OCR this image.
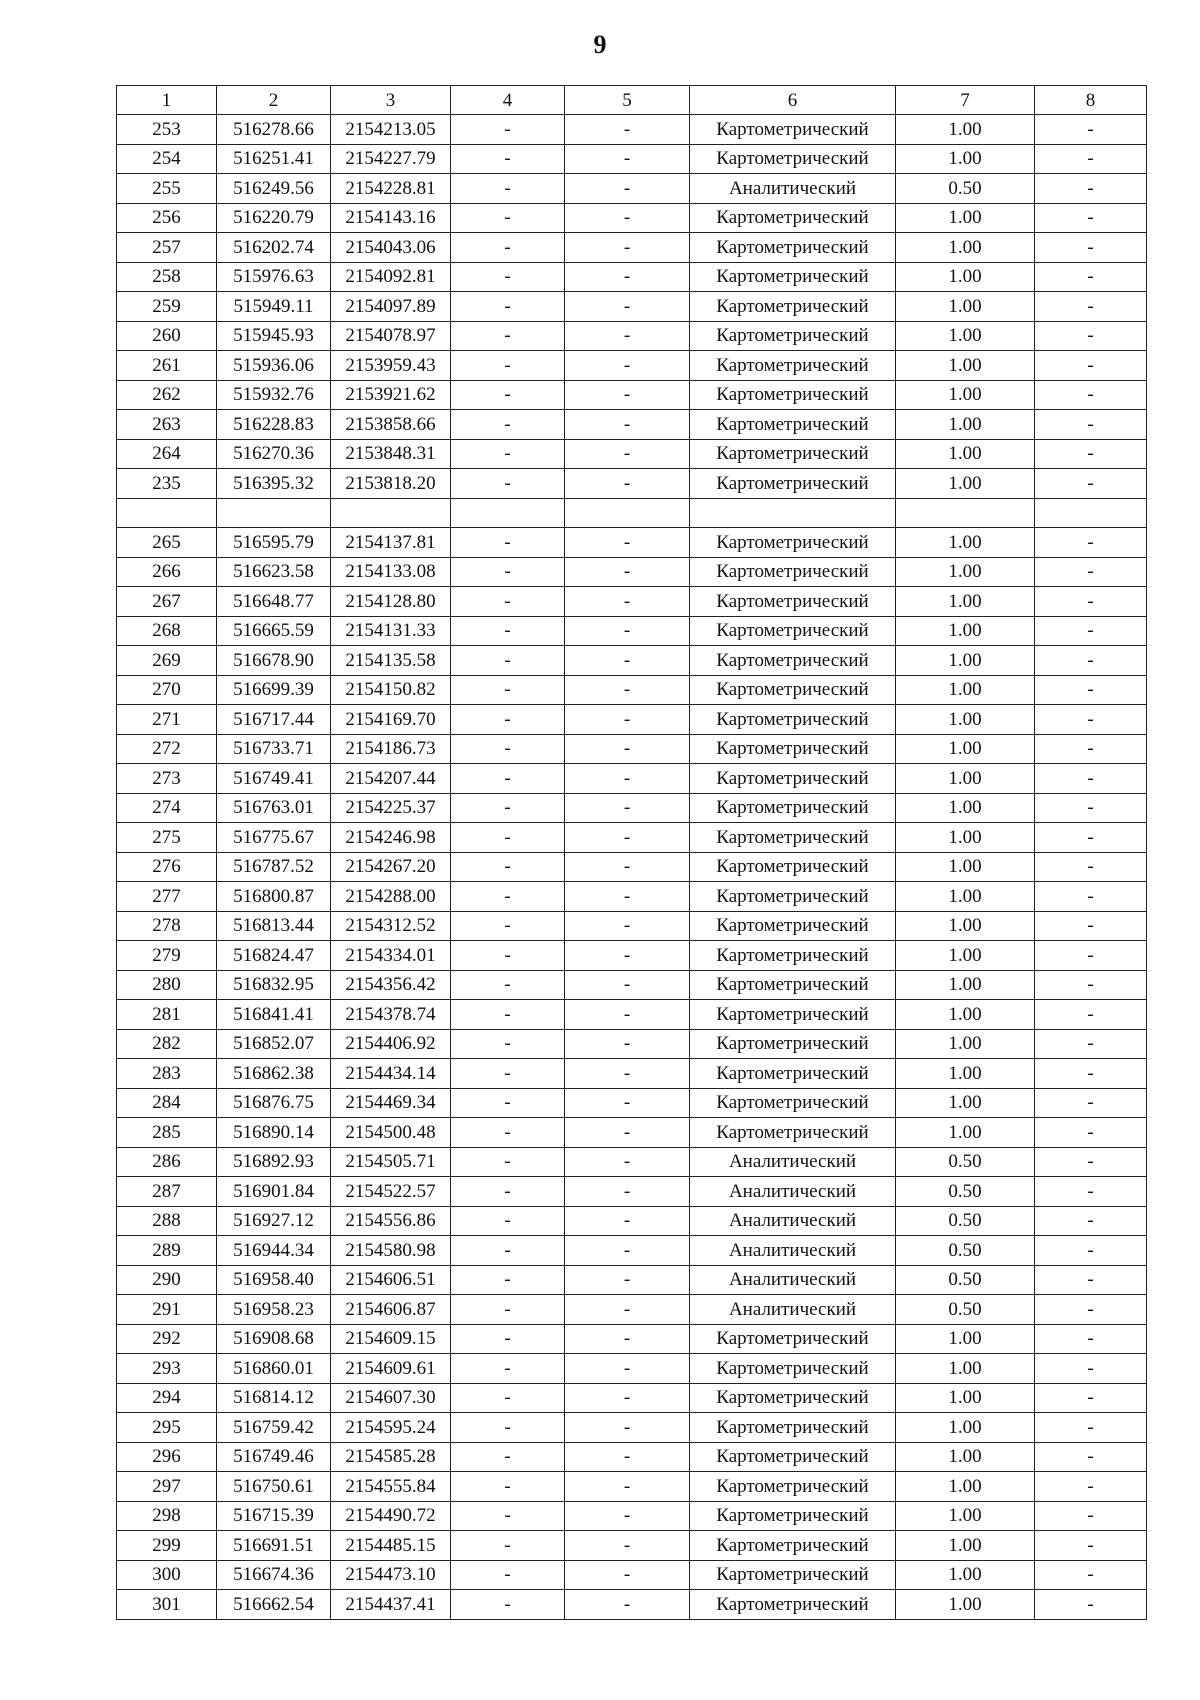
9
1	2	3	4	5	6	7	8
253	516278.66	2154213.05	-	-	Картометрический	1.00	-
254	516251.41	2154227.79	-	-	Картометрический	1.00	-
255	516249.56	2154228.81	-	-	Аналитический	0.50	-
256	516220.79	2154143.16	-	-	Картометрический	1.00	-
257	516202.74	2154043.06	-	-	Картометрический	1.00	-
258	515976.63	2154092.81	-	-	Картометрический	1.00	-
259	515949.11	2154097.89	-	-	Картометрический	1.00	-
260	515945.93	2154078.97	-	-	Картометрический	1.00	-
261	515936.06	2153959.43	-	-	Картометрический	1.00	-
262	515932.76	2153921.62	-	-	Картометрический	1.00	-
263	516228.83	2153858.66	-	-	Картометрический	1.00	-
264	516270.36	2153848.31	-	-	Картометрический	1.00	-
235	516395.32	2153818.20	-	-	Картометрический	1.00	-

265	516595.79	2154137.81	-	-	Картометрический	1.00	-
266	516623.58	2154133.08	-	-	Картометрический	1.00	-
267	516648.77	2154128.80	-	-	Картометрический	1.00	-
268	516665.59	2154131.33	-	-	Картометрический	1.00	-
269	516678.90	2154135.58	-	-	Картометрический	1.00	-
270	516699.39	2154150.82	-	-	Картометрический	1.00	-
271	516717.44	2154169.70	-	-	Картометрический	1.00	-
272	516733.71	2154186.73	-	-	Картометрический	1.00	-
273	516749.41	2154207.44	-	-	Картометрический	1.00	-
274	516763.01	2154225.37	-	-	Картометрический	1.00	-
275	516775.67	2154246.98	-	-	Картометрический	1.00	-
276	516787.52	2154267.20	-	-	Картометрический	1.00	-
277	516800.87	2154288.00	-	-	Картометрический	1.00	-
278	516813.44	2154312.52	-	-	Картометрический	1.00	-
279	516824.47	2154334.01	-	-	Картометрический	1.00	-
280	516832.95	2154356.42	-	-	Картометрический	1.00	-
281	516841.41	2154378.74	-	-	Картометрический	1.00	-
282	516852.07	2154406.92	-	-	Картометрический	1.00	-
283	516862.38	2154434.14	-	-	Картометрический	1.00	-
284	516876.75	2154469.34	-	-	Картометрический	1.00	-
285	516890.14	2154500.48	-	-	Картометрический	1.00	-
286	516892.93	2154505.71	-	-	Аналитический	0.50	-
287	516901.84	2154522.57	-	-	Аналитический	0.50	-
288	516927.12	2154556.86	-	-	Аналитический	0.50	-
289	516944.34	2154580.98	-	-	Аналитический	0.50	-
290	516958.40	2154606.51	-	-	Аналитический	0.50	-
291	516958.23	2154606.87	-	-	Аналитический	0.50	-
292	516908.68	2154609.15	-	-	Картометрический	1.00	-
293	516860.01	2154609.61	-	-	Картометрический	1.00	-
294	516814.12	2154607.30	-	-	Картометрический	1.00	-
295	516759.42	2154595.24	-	-	Картометрический	1.00	-
296	516749.46	2154585.28	-	-	Картометрический	1.00	-
297	516750.61	2154555.84	-	-	Картометрический	1.00	-
298	516715.39	2154490.72	-	-	Картометрический	1.00	-
299	516691.51	2154485.15	-	-	Картометрический	1.00	-
300	516674.36	2154473.10	-	-	Картометрический	1.00	-
301	516662.54	2154437.41	-	-	Картометрический	1.00	-
